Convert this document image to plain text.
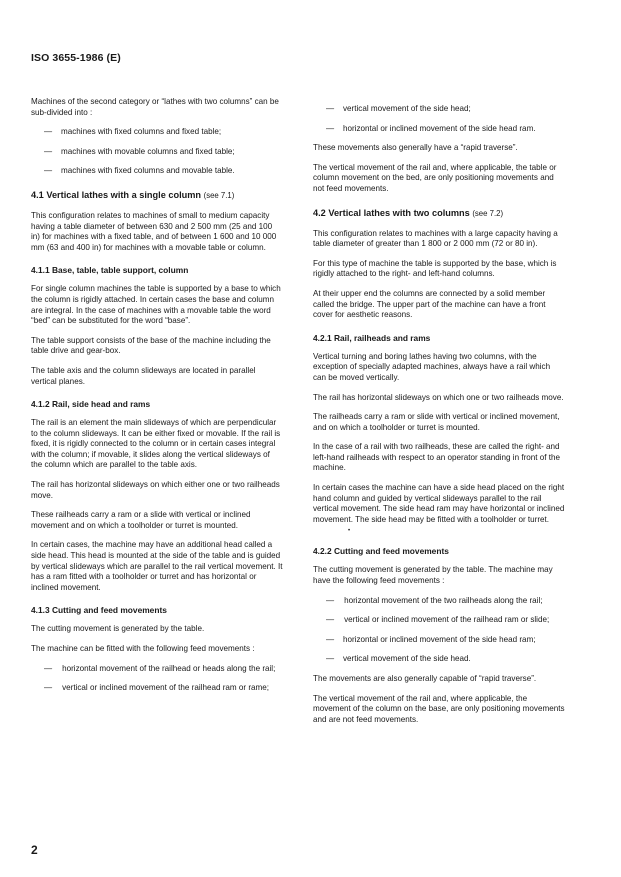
ISO 3655-1986 (E)

Machines of the second category or “lathes with two columns” can be sub-divided into :

— machines with fixed columns and fixed table;
— machines with movable columns and fixed table;
— machines with fixed columns and movable table.
4.1 Vertical lathes with a single column (see 7.1)

This configuration relates to machines of small to medium capacity having a table diameter of between 630 and 2 500 mm (25 and 100 in) for machines with a fixed table, and of between 1 600 and 10 000 mm (63 and 400 in) for machines with a movable table or column.

4.1.1 Base, table, table support, column

For single column machines the table is supported by a base to which the column is rigidly attached. In certain cases the base and column are integral. In the case of machines with a movable table the word “bed” can be substituted for the word “base”.

The table support consists of the base of the machine including the table drive and gear-box.

The table axis and the column slideways are located in parallel vertical planes.

4.1.2 Rail, side head and rams

The rail is an element the main slideways of which are perpendicular to the column slideways. It can be either fixed or movable. If the rail is fixed, it is rigidly connected to the column or in certain cases integral with the column; if movable, it slides along the vertical slideways of the column which are parallel to the table axis.

The rail has horizontal slideways on which either one or two railheads move.

These railheads carry a ram or a slide with vertical or inclined movement and on which a toolholder or turret is mounted.

In certain cases, the machine may have an additional head called a side head. This head is mounted at the side of the table and is guided by vertical slideways which are parallel to the rail vertical movement. It has a ram fitted with a toolholder or turret and has horizontal or inclined movement.

4.1.3 Cutting and feed movements

The cutting movement is generated by the table.

The machine can be fitted with the following feed movements :

— horizontal movement of the railhead or heads along the rail;
— vertical or inclined movement of the railhead ram or rame;
— vertical movement of the side head;
— horizontal or inclined movement of the side head ram.

These movements also generally have a “rapid traverse”.

The vertical movement of the rail and, where applicable, the table or column movement on the bed, are only positioning movements and not feed movements.

4.2 Vertical lathes with two columns (see 7.2)

This configuration relates to machines with a large capacity having a table diameter of greater than 1 800 or 2 000 mm (72 or 80 in).

For this type of machine the table is supported by the base, which is rigidly attached to the right- and left-hand columns.

At their upper end the columns are connected by a solid member called the bridge. The upper part of the machine can have a front cover for aesthetic reasons.

4.2.1 Rail, railheads and rams

Vertical turning and boring lathes having two columns, with the exception of specially adapted machines, always have a rail which can be moved vertically.

The rail has horizontal slideways on which one or two railheads move.

The railheads carry a ram or slide with vertical or inclined movement, and on which a toolholder or turret is mounted.

In the case of a rail with two railheads, these are called the right- and left-hand railheads with respect to an operator standing in front of the machine.

In certain cases the machine can have a side head placed on the right hand column and guided by vertical slideways parallel to the rail vertical movement. The side head ram may have horizontal or inclined movement. The side head may be fitted with a toolholder or turret.

•
4.2.2 Cutting and feed movements

The cutting movement is generated by the table. The machine may have the following feed movements :

— horizontal movement of the two railheads along the rail;
— vertical or inclined movement of the railhead ram or slide;
— horizontal or inclined movement of the side head ram;
— vertical movement of the side head.

The movements are also generally capable of “rapid traverse”.

The vertical movement of the rail and, where applicable, the movement of the column on the base, are only positioning movements and are not feed movements.

2
